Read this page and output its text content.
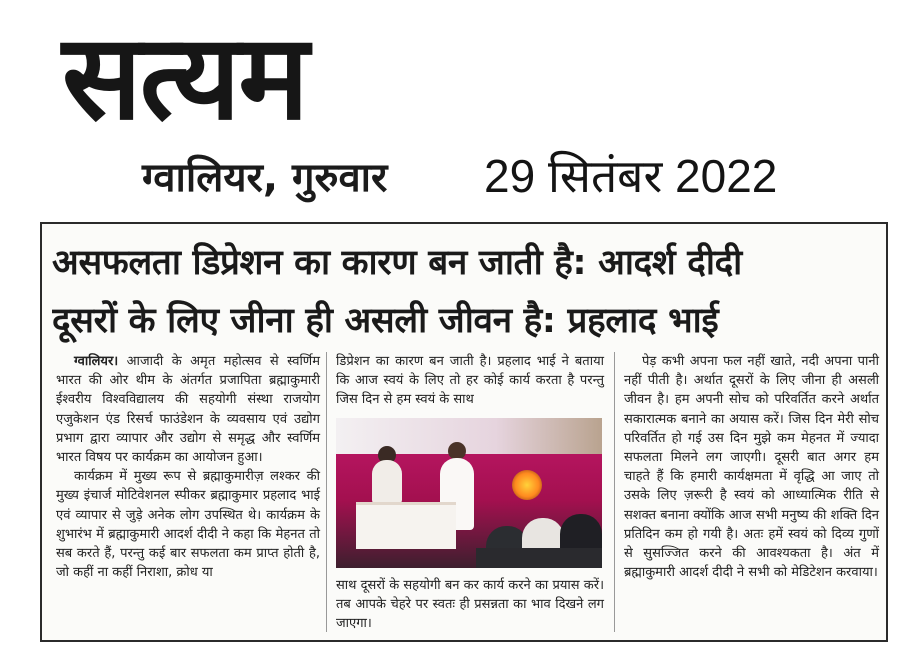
सत्यम
ग्वालियर, गुरुवार 29 सितंबर 2022
असफलता डिप्रेशन का कारण बन जाती है: आदर्श दीदी
दूसरों के लिए जीना ही असली जीवन है: प्रहलाद भाई

ग्वालियर। आजादी के अमृत महोत्सव से स्वर्णिम भारत की ओर थीम के अंतर्गत प्रजापिता ब्रह्माकुमारी ईश्वरीय विश्वविद्यालय की सहयोगी संस्था राजयोग एजुकेशन एंड रिसर्च फाउंडेशन के व्यवसाय एवं उद्योग प्रभाग द्वारा व्यापार और उद्योग से समृद्ध और स्वर्णिम भारत विषय पर कार्यक्रम का आयोजन हुआ।

कार्यक्रम में मुख्य रूप से ब्रह्माकुमारीज़ लश्कर की मुख्य इंचार्ज मोटिवेशनल स्पीकर ब्रह्माकुमार प्रहलाद भाई एवं व्यापार से जुड़े अनेक लोग उपस्थित थे। कार्यक्रम के शुभारंभ में ब्रह्माकुमारी आदर्श दीदी ने कहा कि मेहनत तो सब करते हैं, परन्तु कई बार सफलता कम प्राप्त होती है, जो कहीं ना कहीं निराशा, क्रोध या

डिप्रेशन का कारण बन जाती है। प्रहलाद भाई ने बताया कि आज स्वयं के लिए तो हर कोई कार्य करता है परन्तु जिस दिन से हम स्वयं के साथ

साथ दूसरों के सहयोगी बन कर कार्य करने का प्रयास करें। तब आपके चेहरे पर स्वतः ही प्रसन्नता का भाव दिखने लग जाएगा।

पेड़ कभी अपना फल नहीं खाते, नदी अपना पानी नहीं पीती है। अर्थात दूसरों के लिए जीना ही असली जीवन है। हम अपनी सोच को परिवर्तित करने अर्थात सकारात्मक बनाने का अयास करें। जिस दिन मेरी सोच परिवर्तित हो गई उस दिन मुझे कम मेहनत में ज्यादा सफलता मिलने लग जाएगी। दूसरी बात अगर हम चाहते हैं कि हमारी कार्यक्षमता में वृद्धि आ जाए तो उसके लिए ज़रूरी है स्वयं को आध्यात्मिक रीति से सशक्त बनाना क्योंकि आज सभी मनुष्य की शक्ति दिन प्रतिदिन कम हो गयी है। अतः हमें स्वयं को दिव्य गुणों से सुसज्जित करने की आवश्यकता है। अंत में ब्रह्माकुमारी आदर्श दीदी ने सभी को मेडिटेशन करवाया।
